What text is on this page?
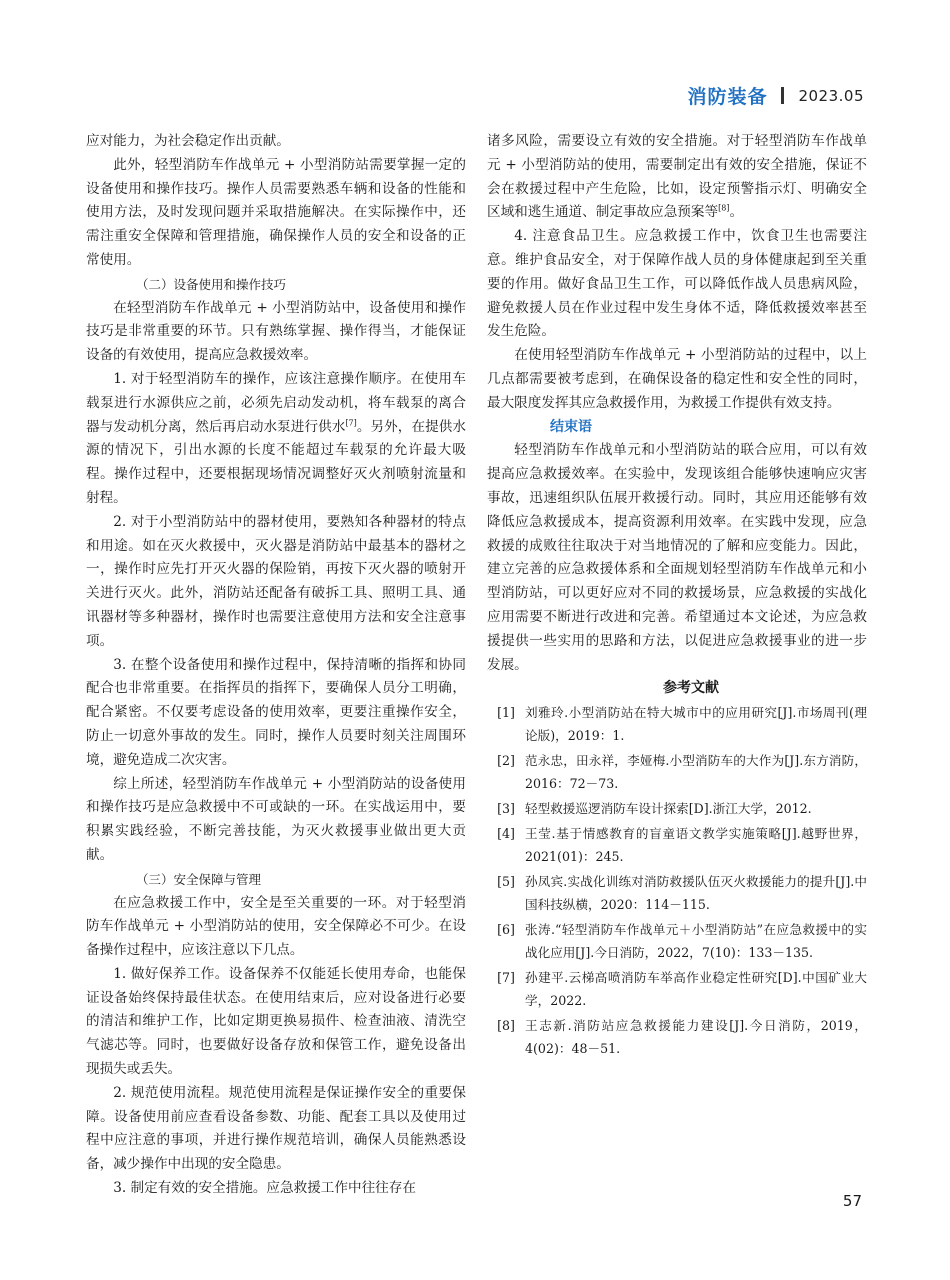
消防装备 2023.05

应对能力，为社会稳定作出贡献。

此外，轻型消防车作战单元 + 小型消防站需要掌握一定的设备使用和操作技巧。操作人员需要熟悉车辆和设备的性能和使用方法，及时发现问题并采取措施解决。在实际操作中，还需注重安全保障和管理措施，确保操作人员的安全和设备的正常使用。

（二）设备使用和操作技巧

在轻型消防车作战单元 + 小型消防站中，设备使用和操作技巧是非常重要的环节。只有熟练掌握、操作得当，才能保证设备的有效使用，提高应急救援效率。

1. 对于轻型消防车的操作，应该注意操作顺序。在使用车载泵进行水源供应之前，必须先启动发动机，将车载泵的离合器与发动机分离，然后再启动水泵进行供水[7]。另外，在提供水源的情况下，引出水源的长度不能超过车载泵的允许最大吸程。操作过程中，还要根据现场情况调整好灭火剂喷射流量和射程。

2. 对于小型消防站中的器材使用，要熟知各种器材的特点和用途。如在灭火救援中，灭火器是消防站中最基本的器材之一，操作时应先打开灭火器的保险销，再按下灭火器的喷射开关进行灭火。此外，消防站还配备有破拆工具、照明工具、通讯器材等多种器材，操作时也需要注意使用方法和安全注意事项。

3. 在整个设备使用和操作过程中，保持清晰的指挥和协同配合也非常重要。在指挥员的指挥下，要确保人员分工明确，配合紧密。不仅要考虑设备的使用效率，更要注重操作安全，防止一切意外事故的发生。同时，操作人员要时刻关注周围环境，避免造成二次灾害。

综上所述，轻型消防车作战单元 + 小型消防站的设备使用和操作技巧是应急救援中不可或缺的一环。在实战运用中，要积累实践经验，不断完善技能，为灭火救援事业做出更大贡献。

（三）安全保障与管理

在应急救援工作中，安全是至关重要的一环。对于轻型消防车作战单元 + 小型消防站的使用，安全保障必不可少。在设备操作过程中，应该注意以下几点。

1. 做好保养工作。设备保养不仅能延长使用寿命，也能保证设备始终保持最佳状态。在使用结束后，应对设备进行必要的清洁和维护工作，比如定期更换易损件、检查油液、清洗空气滤芯等。同时，也要做好设备存放和保管工作，避免设备出现损失或丢失。

2. 规范使用流程。规范使用流程是保证操作安全的重要保障。设备使用前应查看设备参数、功能、配套工具以及使用过程中应注意的事项，并进行操作规范培训，确保人员能熟悉设备，减少操作中出现的安全隐患。

3. 制定有效的安全措施。应急救援工作中往往存在

诸多风险，需要设立有效的安全措施。对于轻型消防车作战单元 + 小型消防站的使用，需要制定出有效的安全措施，保证不会在救援过程中产生危险，比如，设定预警指示灯、明确安全区域和逃生通道、制定事故应急预案等[8]。

4. 注意食品卫生。应急救援工作中，饮食卫生也需要注意。维护食品安全，对于保障作战人员的身体健康起到至关重要的作用。做好食品卫生工作，可以降低作战人员患病风险，避免救援人员在作业过程中发生身体不适，降低救援效率甚至发生危险。

在使用轻型消防车作战单元 + 小型消防站的过程中，以上几点都需要被考虑到，在确保设备的稳定性和安全性的同时，最大限度发挥其应急救援作用，为救援工作提供有效支持。

结束语

轻型消防车作战单元和小型消防站的联合应用，可以有效提高应急救援效率。在实验中，发现该组合能够快速响应灾害事故，迅速组织队伍展开救援行动。同时，其应用还能够有效降低应急救援成本，提高资源利用效率。在实践中发现，应急救援的成败往往取决于对当地情况的了解和应变能力。因此，建立完善的应急救援体系和全面规划轻型消防车作战单元和小型消防站，可以更好应对不同的救援场景，应急救援的实战化应用需要不断进行改进和完善。希望通过本文论述，为应急救援提供一些实用的思路和方法，以促进应急救援事业的进一步发展。

参考文献

[1] 刘雅玲.小型消防站在特大城市中的应用研究[J].市场周刊(理论版)，2019：1.
[2] 范永忠，田永祥，李娅梅.小型消防车的大作为[J].东方消防，2016：72－73.
[3] 轻型救援巡逻消防车设计探索[D].浙江大学，2012.
[4] 王莹.基于情感教育的盲童语文教学实施策略[J].越野世界，2021(01)：245.
[5] 孙凤宾.实战化训练对消防救援队伍灭火救援能力的提升[J].中国科技纵横，2020：114－115.
[6] 张涛.“轻型消防车作战单元＋小型消防站”在应急救援中的实战化应用[J].今日消防，2022，7(10)：133－135.
[7] 孙建平.云梯高喷消防车举高作业稳定性研究[D].中国矿业大学，2022.
[8] 王志新.消防站应急救援能力建设[J].今日消防，2019，4(02)：48－51.
57
